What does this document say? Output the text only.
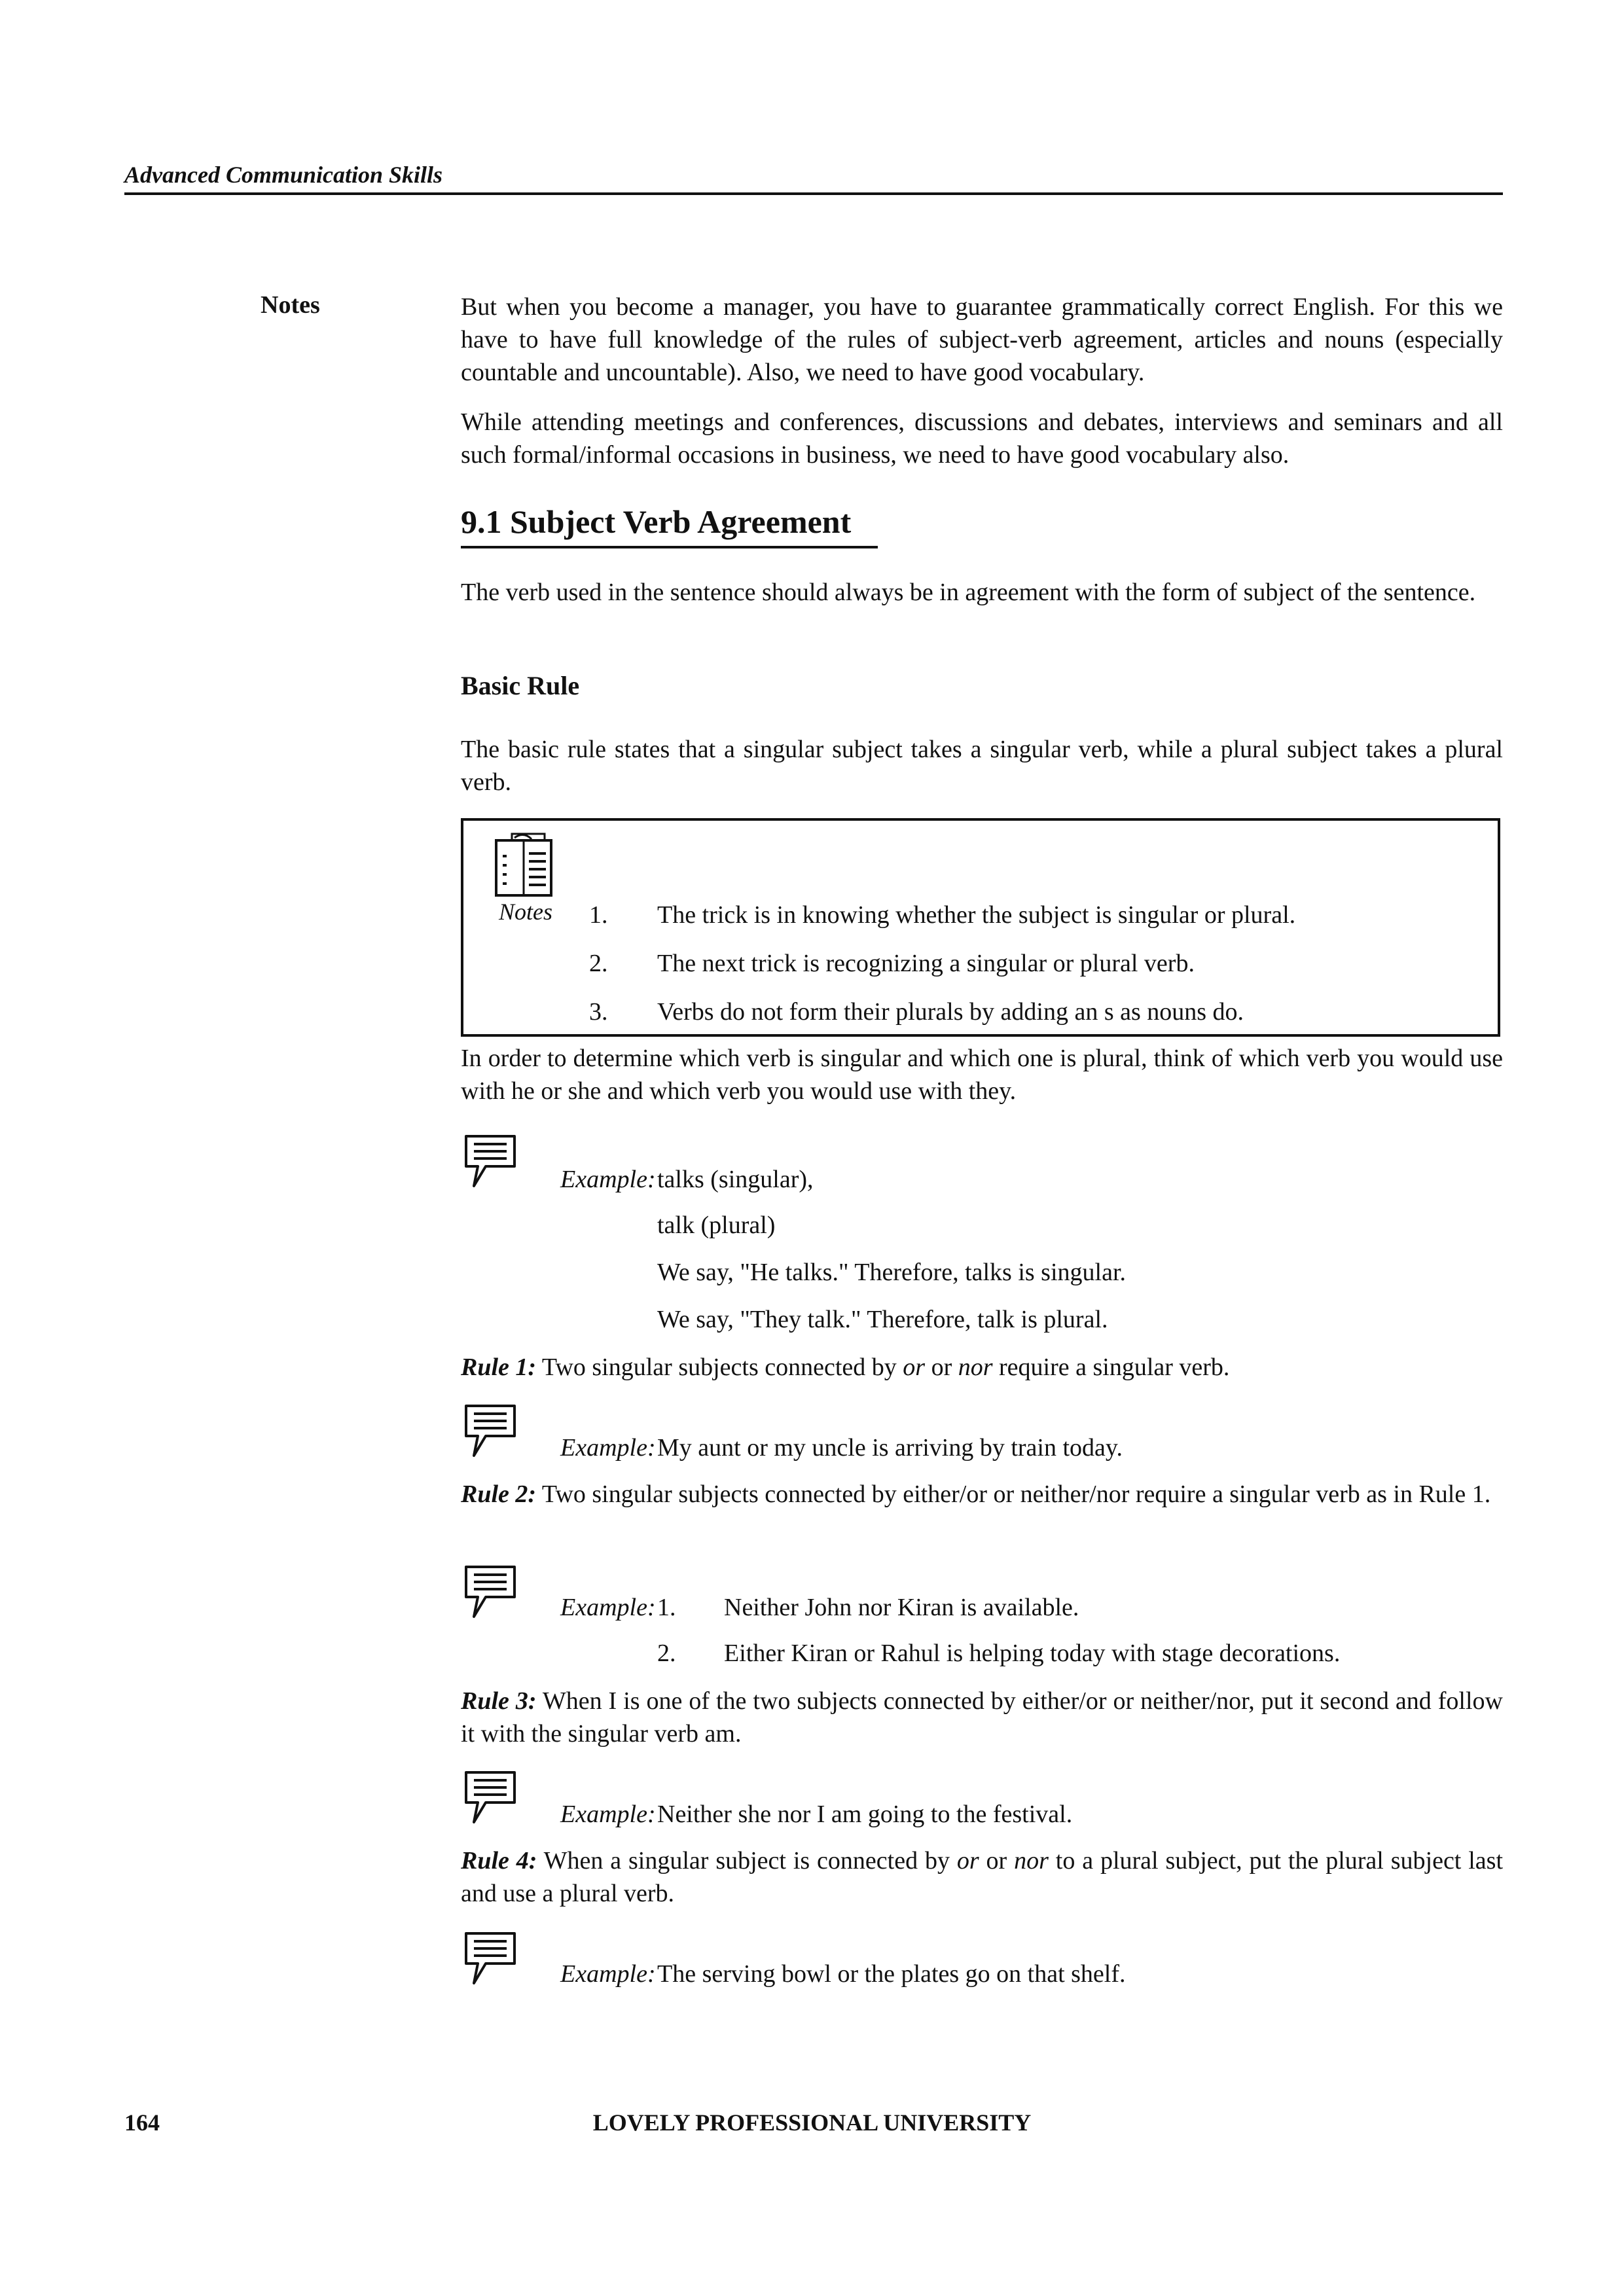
Advanced Communication Skills
Notes	But when you become a manager, you have to guarantee grammatically correct English. For this we have to have full knowledge of the rules of subject-verb agreement, articles and nouns (especially countable and uncountable). Also, we need to have good vocabulary.
While attending meetings and conferences, discussions and debates, interviews and seminars and all such formal/informal occasions in business, we need to have good vocabulary also.
9.1 Subject Verb Agreement
The verb used in the sentence should always be in agreement with the form of subject of the sentence.
Basic Rule
The basic rule states that a singular subject takes a singular verb, while a plural subject takes a plural verb.
Notes 1. The trick is in knowing whether the subject is singular or plural.
2. The next trick is recognizing a singular or plural verb.
3. Verbs do not form their plurals by adding an s as nouns do.
In order to determine which verb is singular and which one is plural, think of which verb you would use with he or she and which verb you would use with they.
Example: talks (singular),
talk (plural)
We say, "He talks." Therefore, talks is singular.
We say, "They talk." Therefore, talk is plural.
Rule 1: Two singular subjects connected by or or nor require a singular verb.
Example: My aunt or my uncle is arriving by train today.
Rule 2: Two singular subjects connected by either/or or neither/nor require a singular verb as in Rule 1.
Example: 1. Neither John nor Kiran is available.
2. Either Kiran or Rahul is helping today with stage decorations.
Rule 3: When I is one of the two subjects connected by either/or or neither/nor, put it second and follow it with the singular verb am.
Example: Neither she nor I am going to the festival.
Rule 4: When a singular subject is connected by or or nor to a plural subject, put the plural subject last and use a plural verb.
Example: The serving bowl or the plates go on that shelf.
164	LOVELY PROFESSIONAL UNIVERSITY
